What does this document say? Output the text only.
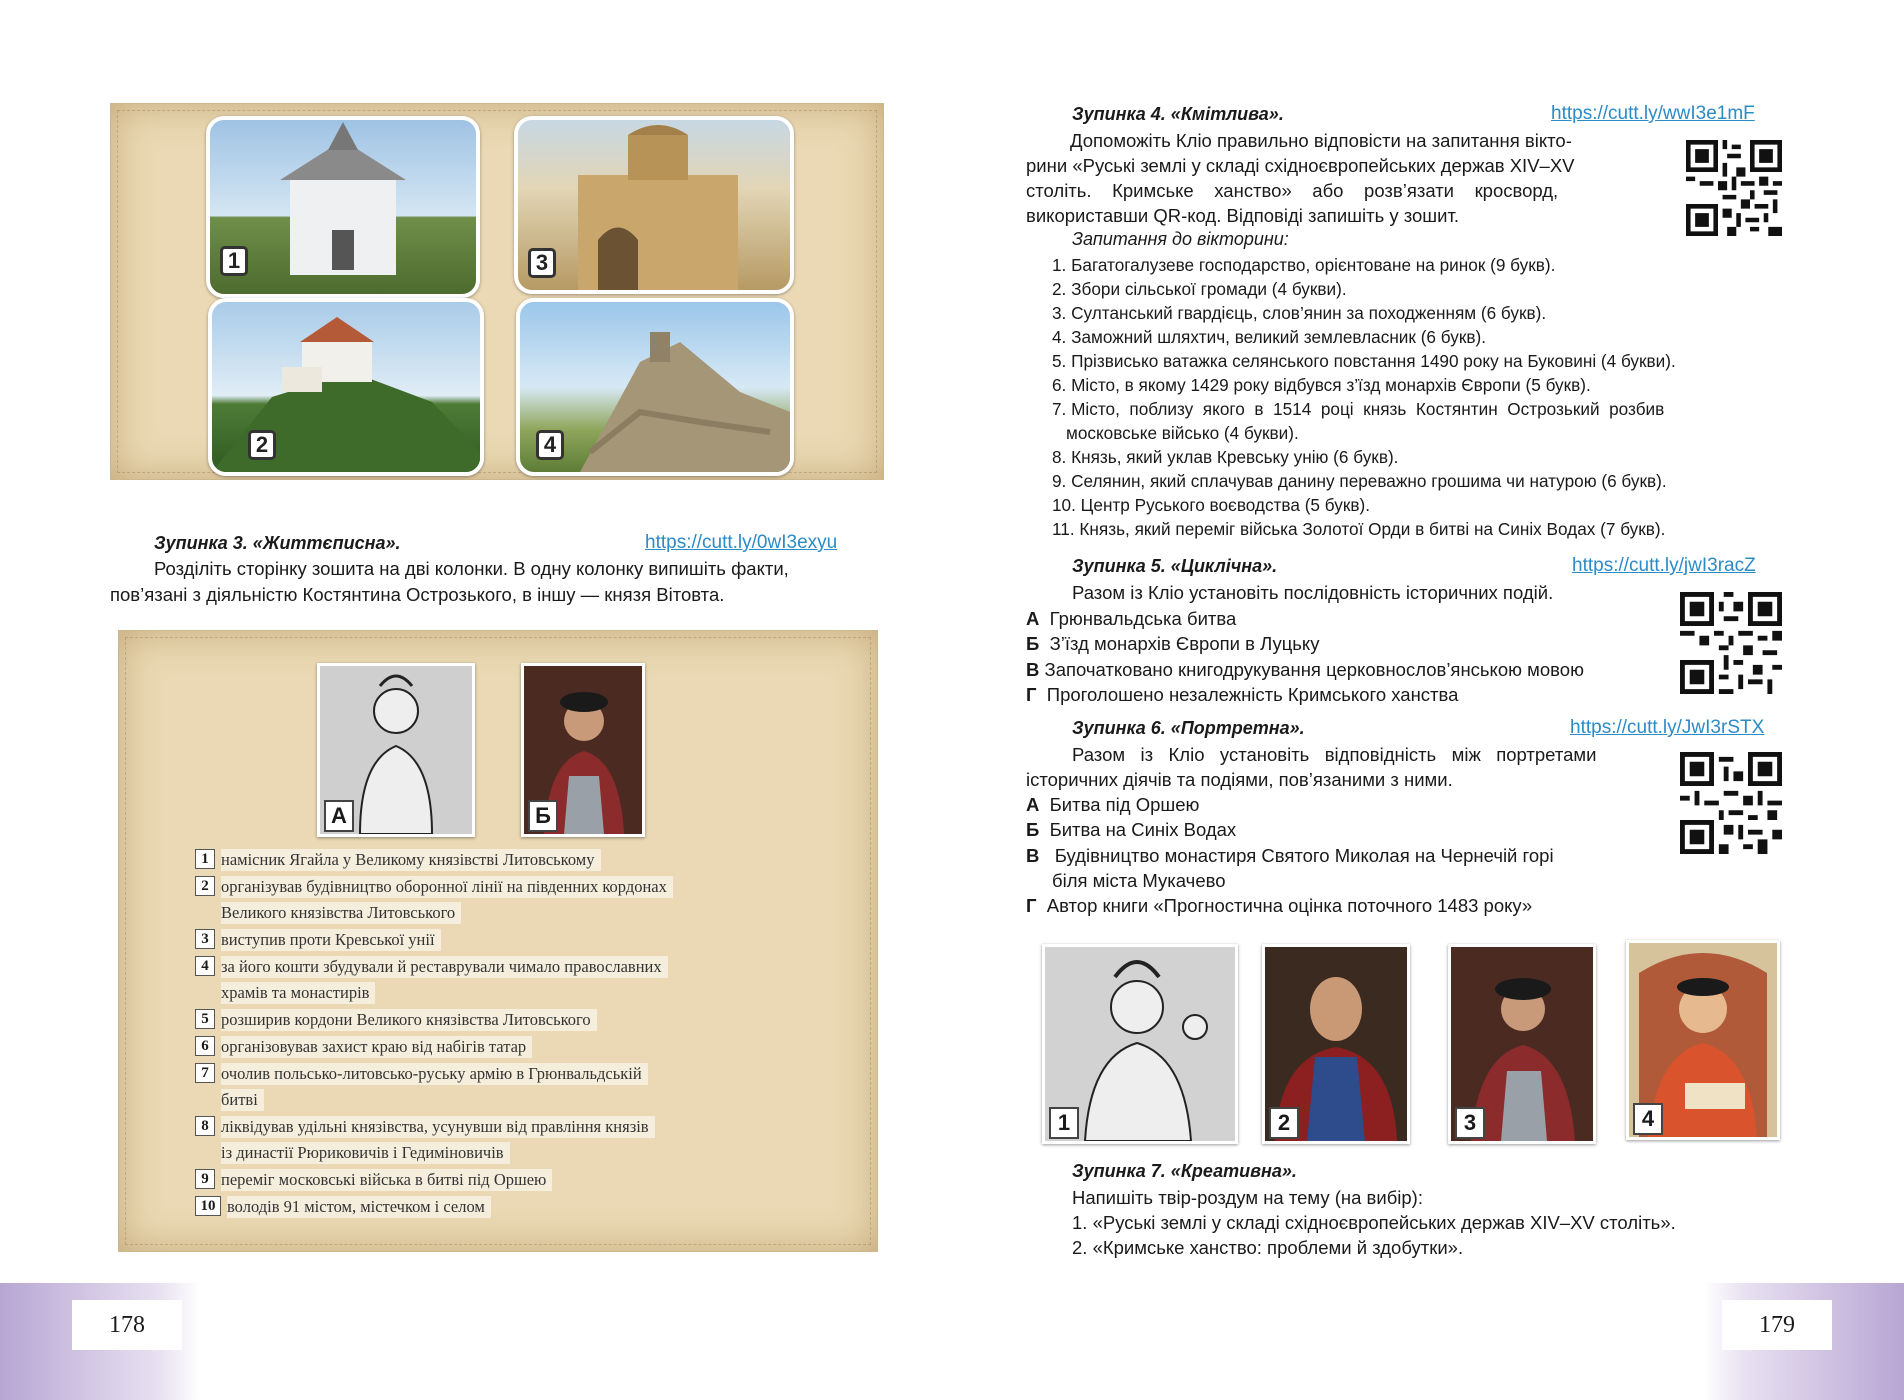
1	3
2	4
Зупинка 3. «Життєписна».	https://cutt.ly/0wI3exyu
Розділіть сторінку зошита на дві колонки. В одну колонку випишіть факти,
пов’язані з діяльністю Костянтина Острозького, в іншу — князя Вітовта.
А	Б
1 намісник Ягайла у Великому князівстві Литовському
2 організував будівництво оборонної лінії на південних кордонах
Великого князівства Литовського
3 виступив проти Кревської унії
4 за його кошти збудували й реставрували чимало православних
храмів та монастирів
5 розширив кордони Великого князівства Литовського
6 організовував захист краю від набігів татар
7 очолив польсько-литовсько-руську армію в Грюнвальдській
битві
8 ліквідував удільні князівства, усунувши від правління князів
із династії Рюриковичів і Гедиміновичів
9 переміг московські війська в битві під Оршею
10 володів 91 містом, містечком і селом
178
Зупинка 4. «Кмітлива».	https://cutt.ly/wwI3e1mF
Допоможіть Кліо правильно відповісти на запитання вікто-
рини «Руські землі у складі східноєвропейських держав XIV–XV
століть.    Кримське    ханство»    або    розв’язати    кросворд,
використавши QR-код. Відповіді запишіть у зошит.
Запитання до вікторини:
1. Багатогалузеве господарство, орієнтоване на ринок (9 букв).
2. Збори сільської громади (4 букви).
3. Султанський гвардієць, слов’янин за походженням (6 букв).
4. Заможний шляхтич, великий землевласник (6 букв).
5. Прізвисько ватажка селянського повстання 1490 року на Буковині (4 букви).
6. Місто, в якому 1429 року відбувся з’їзд монархів Європи (5 букв).
7. Місто,  поблизу  якого  в  1514  році  князь  Костянтин  Острозький  розбив
московське військо (4 букви).
8. Князь, який уклав Кревську унію (6 букв).
9. Селянин, який сплачував данину переважно грошима чи натурою (6 букв).
10. Центр Руського воєводства (5 букв).
11. Князь, який переміг війська Золотої Орди в битві на Синіх Водах (7 букв).
Зупинка 5. «Циклічна».	https://cutt.ly/jwI3racZ
Разом із Кліо установіть послідовність історичних подій.
А Грюнвальдська битва
Б З’їзд монархів Європи в Луцьку
В Започатковано книгодрукування церковнослов’янською мовою
Г Проголошено незалежність Кримського ханства
Зупинка 6. «Портретна».	https://cutt.ly/JwI3rSTX
Разом   із   Кліо   установіть   відповідність   між   портретами
історичних діячів та подіями, пов’язаними з ними.
А Битва під Оршею
Б Битва на Синіх Водах
В Будівництво монастиря Святого Миколая на Чернечій горі
біля міста Мукачево
Г Автор книги «Прогностична оцінка поточного 1483 року»
1	2	3	4
Зупинка 7. «Креативна».
Напишіть твір-роздум на тему (на вибір):
1. «Руські землі у складі східноєвропейських держав XIV–XV століть».
2. «Кримське ханство: проблеми й здобутки».
179
